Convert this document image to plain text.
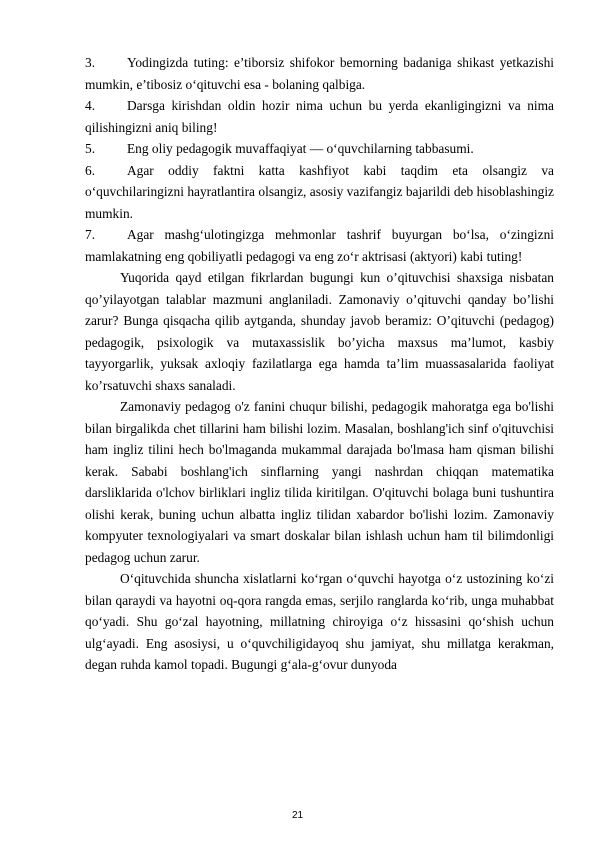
3. Yodingizda tuting: e’tiborsiz shifokor bemorning badaniga shikast yetkazishi mumkin, e’tibosiz o‘qituvchi esa - bolaning qalbiga.

4. Darsga kirishdan oldin hozir nima uchun bu yerda ekanligingizni va nima qilishingizni aniq biling!

5. Eng oliy pedagogik muvaffaqiyat — o‘quvchilarning tabbasumi.

6. Agar oddiy faktni katta kashfiyot kabi taqdim eta olsangiz va o‘quvchilaringizni hayratlantira olsangiz, asosiy vazifangiz bajarildi deb hisoblashingiz mumkin.

7. Agar mashg‘ulotingizga mehmonlar tashrif buyurgan bo‘lsa, o‘zingizni mamlakatning eng qobiliyatli pedagogi va eng zo‘r aktrisasi (aktyori) kabi tuting!

Yuqorida qayd etilgan fikrlardan bugungi kun o’qituvchisi shaxsiga nisbatan qo’yilayotgan talablar mazmuni anglaniladi. Zamonaviy o’qituvchi qanday bo’lishi zarur? Bunga qisqacha qilib aytganda, shunday javob beramiz: O’qituvchi (pedagog) pedagogik, psixologik va mutaxassislik bo’yicha maxsus ma’lumot, kasbiy tayyorgarlik, yuksak axloqiy fazilatlarga ega hamda ta’lim muassasalarida faoliyat ko’rsatuvchi shaxs sanaladi.

Zamonaviy pedagog o'z fanini chuqur bilishi, pedagogik mahoratga ega bo'lishi bilan birgalikda chet tillarini ham bilishi lozim. Masalan, boshlang'ich sinf o'qituvchisi ham ingliz tilini hech bo'lmaganda mukammal darajada bo'lmasa ham qisman bilishi kerak. Sababi boshlang'ich sinflarning yangi nashrdan chiqqan matematika darsliklarida o'lchov birliklari ingliz tilida kiritilgan. O'qituvchi bolaga buni tushuntira olishi kerak, buning uchun albatta ingliz tilidan xabardor bo'lishi lozim. Zamonaviy kompyuter texnologiyalari va smart doskalar bilan ishlash uchun ham til bilimdonligi pedagog uchun zarur.

O‘qituvchida shuncha xislatlarni ko‘rgan o‘quvchi hayotga o‘z ustozining ko‘zi bilan qaraydi va hayotni oq-qora rangda emas, serjilo ranglarda ko‘rib, unga muhabbat qo‘yadi. Shu go‘zal hayotning, millatning chiroyiga o‘z hissasini qo‘shish uchun ulg‘ayadi. Eng asosiysi, u o‘quvchiligidayoq shu jamiyat, shu millatga kerakman, degan ruhda kamol topadi. Bugungi g‘ala-g‘ovur dunyoda

21
